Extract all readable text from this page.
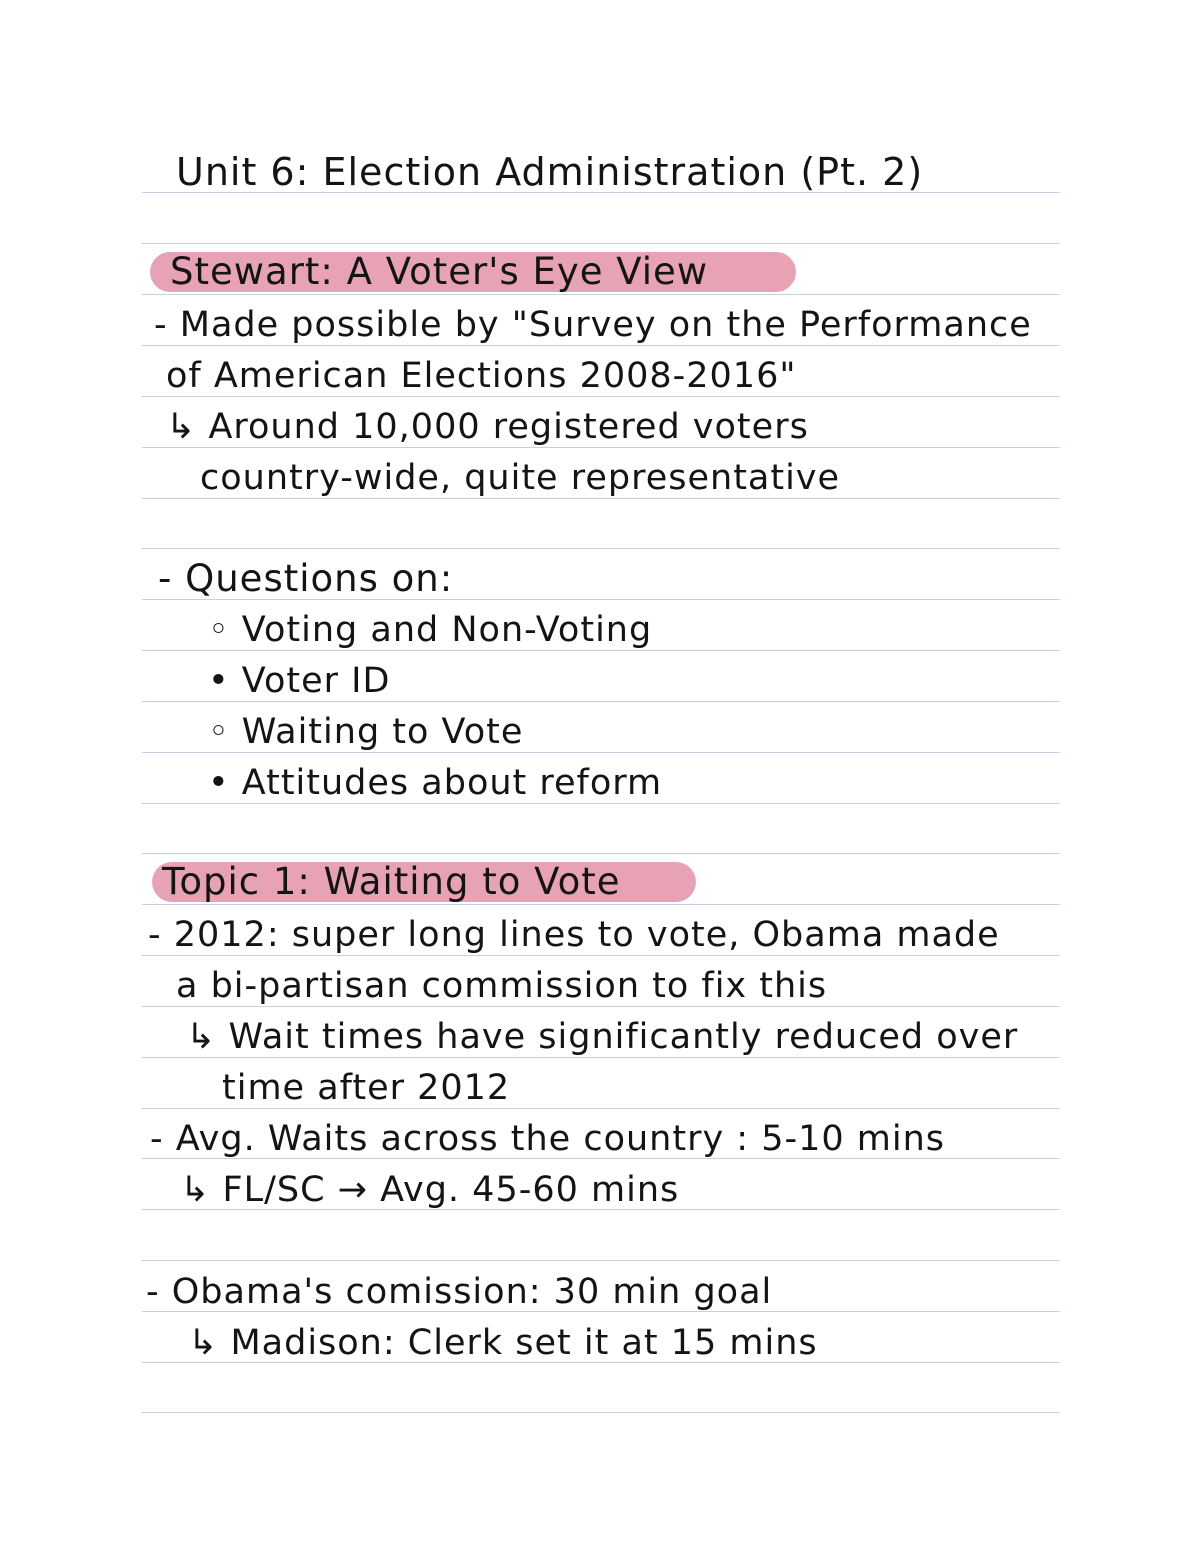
Unit 6: Election Administration (Pt. 2)
Stewart: A Voter's Eye View
- Made possible by "Survey on the Performance
of American Elections 2008-2016"
↳ Around 10,000 registered voters
country-wide, quite representative
- Questions on:
◦ Voting and Non-Voting
• Voter ID
◦ Waiting to Vote
• Attitudes about reform
Topic 1: Waiting to Vote
- 2012: super long lines to vote, Obama made
a bi-partisan commission to fix this
↳ Wait times have significantly reduced over
time after 2012
- Avg. Waits across the country : 5-10 mins
↳ FL/SC → Avg. 45-60 mins
- Obama's comission: 30 min goal
↳ Madison: Clerk set it at 15 mins
